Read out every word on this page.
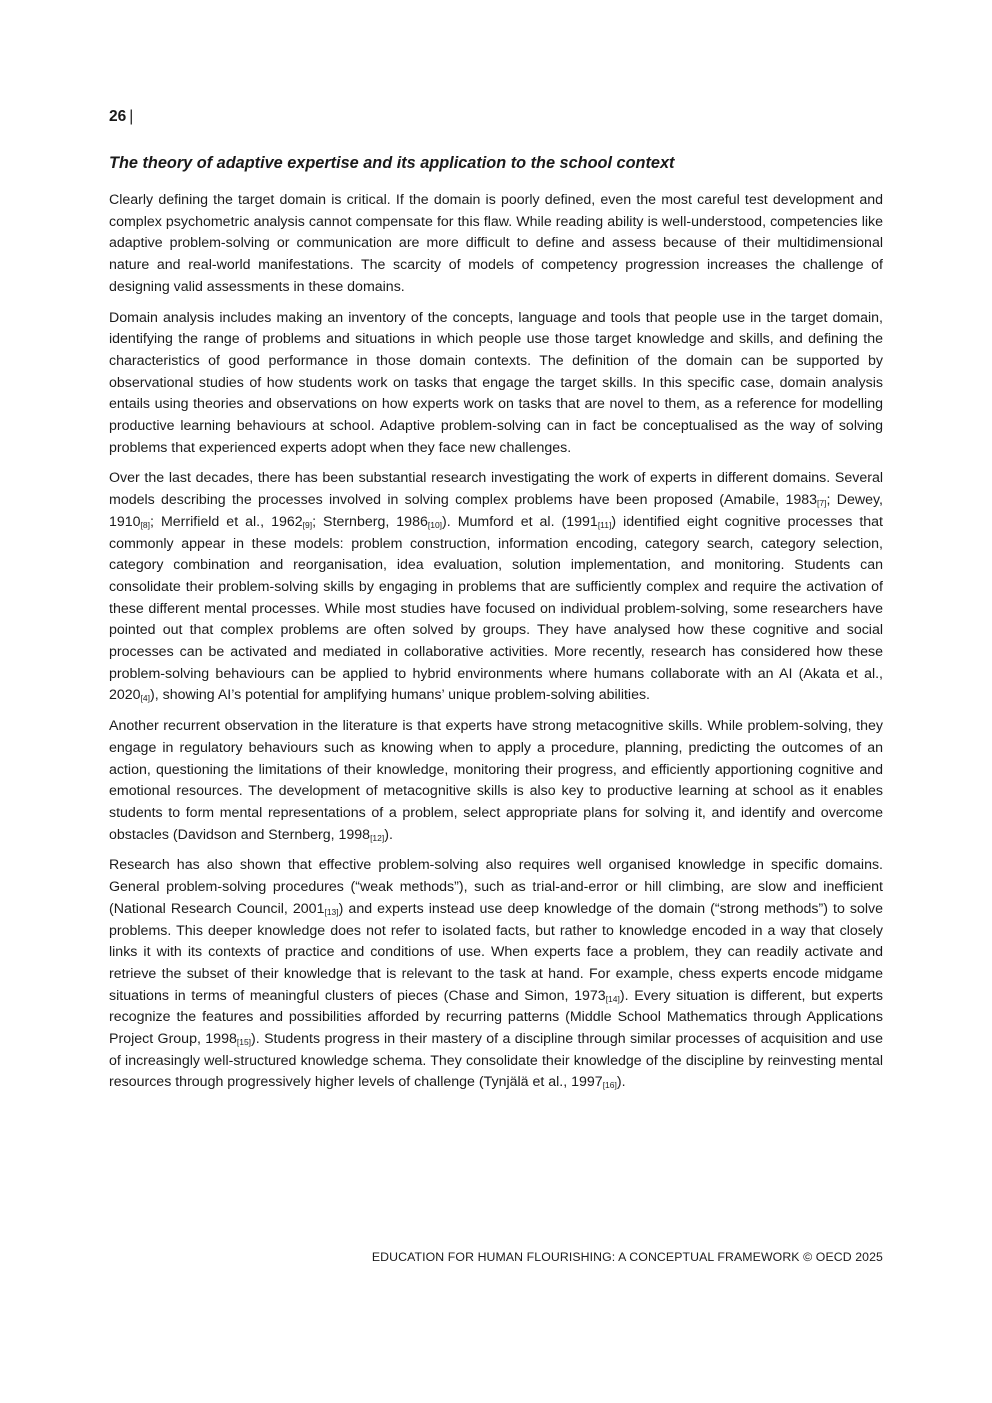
26 |
The theory of adaptive expertise and its application to the school context

Clearly defining the target domain is critical. If the domain is poorly defined, even the most careful test development and complex psychometric analysis cannot compensate for this flaw. While reading ability is well-understood, competencies like adaptive problem-solving or communication are more difficult to define and assess because of their multidimensional nature and real-world manifestations. The scarcity of models of competency progression increases the challenge of designing valid assessments in these domains.

Domain analysis includes making an inventory of the concepts, language and tools that people use in the target domain, identifying the range of problems and situations in which people use those target knowledge and skills, and defining the characteristics of good performance in those domain contexts. The definition of the domain can be supported by observational studies of how students work on tasks that engage the target skills. In this specific case, domain analysis entails using theories and observations on how experts work on tasks that are novel to them, as a reference for modelling productive learning behaviours at school. Adaptive problem-solving can in fact be conceptualised as the way of solving problems that experienced experts adopt when they face new challenges.

Over the last decades, there has been substantial research investigating the work of experts in different domains. Several models describing the processes involved in solving complex problems have been proposed (Amabile, $1983_{[7]}$; Dewey, $1910_{[8]}$; Merrifield et al., $1962_{[9]}$; Sternberg, $1986_{[10]}$). Mumford et al. $(1991_{[11]})$ identified eight cognitive processes that commonly appear in these models: problem construction, information encoding, category search, category selection, category combination and reorganisation, idea evaluation, solution implementation, and monitoring. Students can consolidate their problem-solving skills by engaging in problems that are sufficiently complex and require the activation of these different mental processes. While most studies have focused on individual problem-solving, some researchers have pointed out that complex problems are often solved by groups. They have analysed how these cognitive and social processes can be activated and mediated in collaborative activities. More recently, research has considered how these problem-solving behaviours can be applied to hybrid environments where humans collaborate with an AI (Akata et al., $2020_{[4]}$), showing AI’s potential for amplifying humans’ unique problem-solving abilities.

Another recurrent observation in the literature is that experts have strong metacognitive skills. While problem-solving, they engage in regulatory behaviours such as knowing when to apply a procedure, planning, predicting the outcomes of an action, questioning the limitations of their knowledge, monitoring their progress, and efficiently apportioning cognitive and emotional resources. The development of metacognitive skills is also key to productive learning at school as it enables students to form mental representations of a problem, select appropriate plans for solving it, and identify and overcome obstacles (Davidson and Sternberg, $1998_{[12]}$).

Research has also shown that effective problem-solving also requires well organised knowledge in specific domains. General problem-solving procedures (“weak methods”), such as trial-and-error or hill climbing, are slow and inefficient (National Research Council, $2001_{[13]}$) and experts instead use deep knowledge of the domain (“strong methods”) to solve problems. This deeper knowledge does not refer to isolated facts, but rather to knowledge encoded in a way that closely links it with its contexts of practice and conditions of use. When experts face a problem, they can readily activate and retrieve the subset of their knowledge that is relevant to the task at hand. For example, chess experts encode midgame situations in terms of meaningful clusters of pieces (Chase and Simon, $1973_{[14]}$). Every situation is different, but experts recognize the features and possibilities afforded by recurring patterns (Middle School Mathematics through Applications Project Group, $1998_{[15]}$). Students progress in their mastery of a discipline through similar processes of acquisition and use of increasingly well-structured knowledge schema. They consolidate their knowledge of the discipline by reinvesting mental resources through progressively higher levels of challenge (Tynjälä et al., $1997_{[16]}$).

EDUCATION FOR HUMAN FLOURISHING: A CONCEPTUAL FRAMEWORK © OECD 2025
